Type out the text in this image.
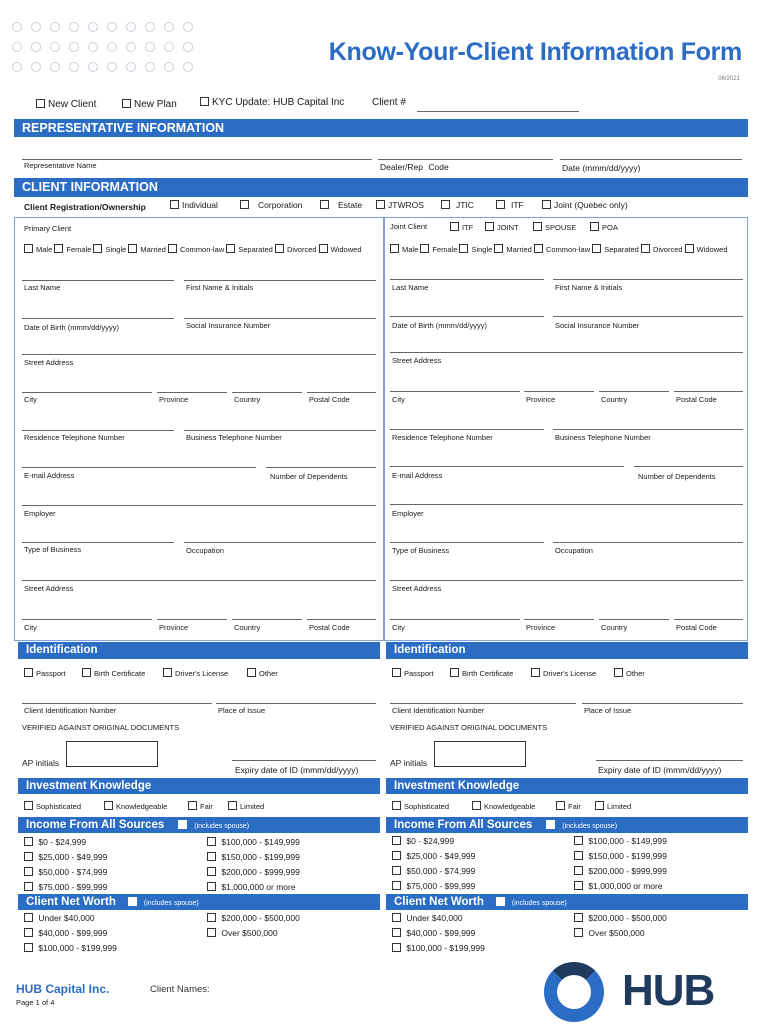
Know-Your-Client Information Form
06/2021
New Client	New Plan	KYC Update: HUB Capital Inc	Client #
REPRESENTATIVE INFORMATION
Representative Name	Dealer/Rep Code	Date (mmm/dd/yyyy)
CLIENT INFORMATION
Client Registration/Ownership	Individual	Corporation	Estate	JTWROS	JTIC	ITF	Joint (Quebec only)
Primary Client	Joint Client	ITF	JOINT	SPOUSE	POA
Male Female Single Married Common-law Separated Divorced Widowed	Male Female Single Married Common-law Separated Divorced Widowed
Last Name	First Name & Initials
Date of Birth (mmm/dd/yyyy)	Social Insurance Number
Street Address
City	Province	Country	Postal Code
Residence Telephone Number	Business Telephone Number
E-mail Address	Number of Dependents
Employer
Type of Business	Occupation
Street Address
City	Province	Country	Postal Code
Last Name	First Name & Initials
Date of Birth (mmm/dd/yyyy)	Social Insurance Number
Street Address
City	Province	Country	Postal Code
Residence Telephone Number	Business Telephone Number
E-mail Address	Number of Dependents
Employer
Type of Business	Occupation
Street Address
City	Province	Country	Postal Code
Identification	Identification
Passport	Birth Certificate	Driver's License	Other	Passport	Birth Certificate	Driver's License	Other
Client Identification Number	Place of Issue
VERIFIED AGAINST ORIGINAL DOCUMENTS
Client Identification Number	Place of Issue
VERIFIED AGAINST ORIGINAL DOCUMENTS
AP initials
Expiry date of ID (mmm/dd/yyyy)
AP initials
Expiry date of ID (mmm/dd/yyyy)
Investment Knowledge	Investment Knowledge
Sophisticated	Knowledgeable	Fair	Limited	Sophisticated	Knowledgeable	Fair	Limited
Income From All Sources	(includes spouse)	Income From All Sources	(includes spouse)
$0 - $24,999
$25,000 - $49,999
$50,000 - $74,999
$75,000 - $99,999
$100,000 - $149,999
$150,000 - $199,999
$200,000 - $999,999
$1,000,000 or more
$0 - $24,999
$25,000 - $49,999
$50,000 - $74,999
$75,000 - $99,999
$100,000 - $149,999
$150,000 - $199,999
$200,000 - $999,999
$1,000,000 or more
Client Net Worth	(includes spouse)	Client Net Worth	(includes spouse)
Under $40,000
$40,000 - $99,999
$100,000 - $199,999
$200,000 - $500,000
Over $500,000
Under $40,000
$40,000 - $99,999
$100,000 - $199,999
$200,000 - $500,000
Over $500,000
HUB Capital Inc.
Page 1 of 4
Client Names:	HUB
